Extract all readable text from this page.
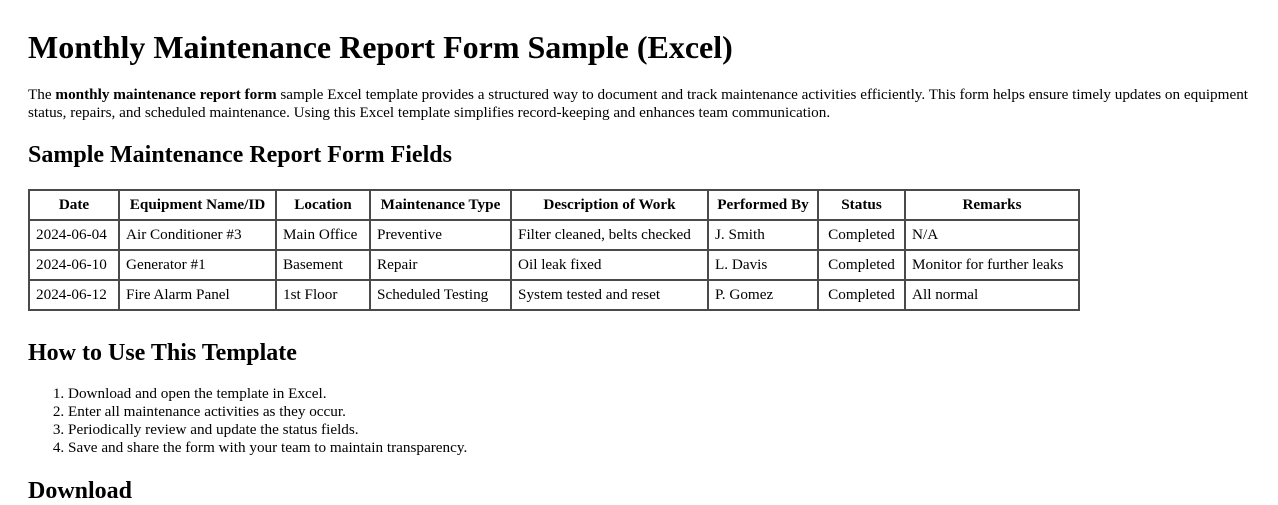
Monthly Maintenance Report Form Sample (Excel)

The monthly maintenance report form sample Excel template provides a structured way to document and track maintenance activities efficiently. This form helps ensure timely updates on equipment status, repairs, and scheduled maintenance. Using this Excel template simplifies record-keeping and enhances team communication.

Sample Maintenance Report Form Fields
Date	Equipment Name/ID	Location	Maintenance Type	Description of Work	Performed By	Status	Remarks
2024-06-04	Air Conditioner #3	Main Office	Preventive	Filter cleaned, belts checked	J. Smith	Completed	N/A
2024-06-10	Generator #1	Basement	Repair	Oil leak fixed	L. Davis	Completed	Monitor for further leaks
2024-06-12	Fire Alarm Panel	1st Floor	Scheduled Testing	System tested and reset	P. Gomez	Completed	All normal
How to Use This Template
1. Download and open the template in Excel.
2. Enter all maintenance activities as they occur.
3. Periodically review and update the status fields.
4. Save and share the form with your team to maintain transparency.
Download
